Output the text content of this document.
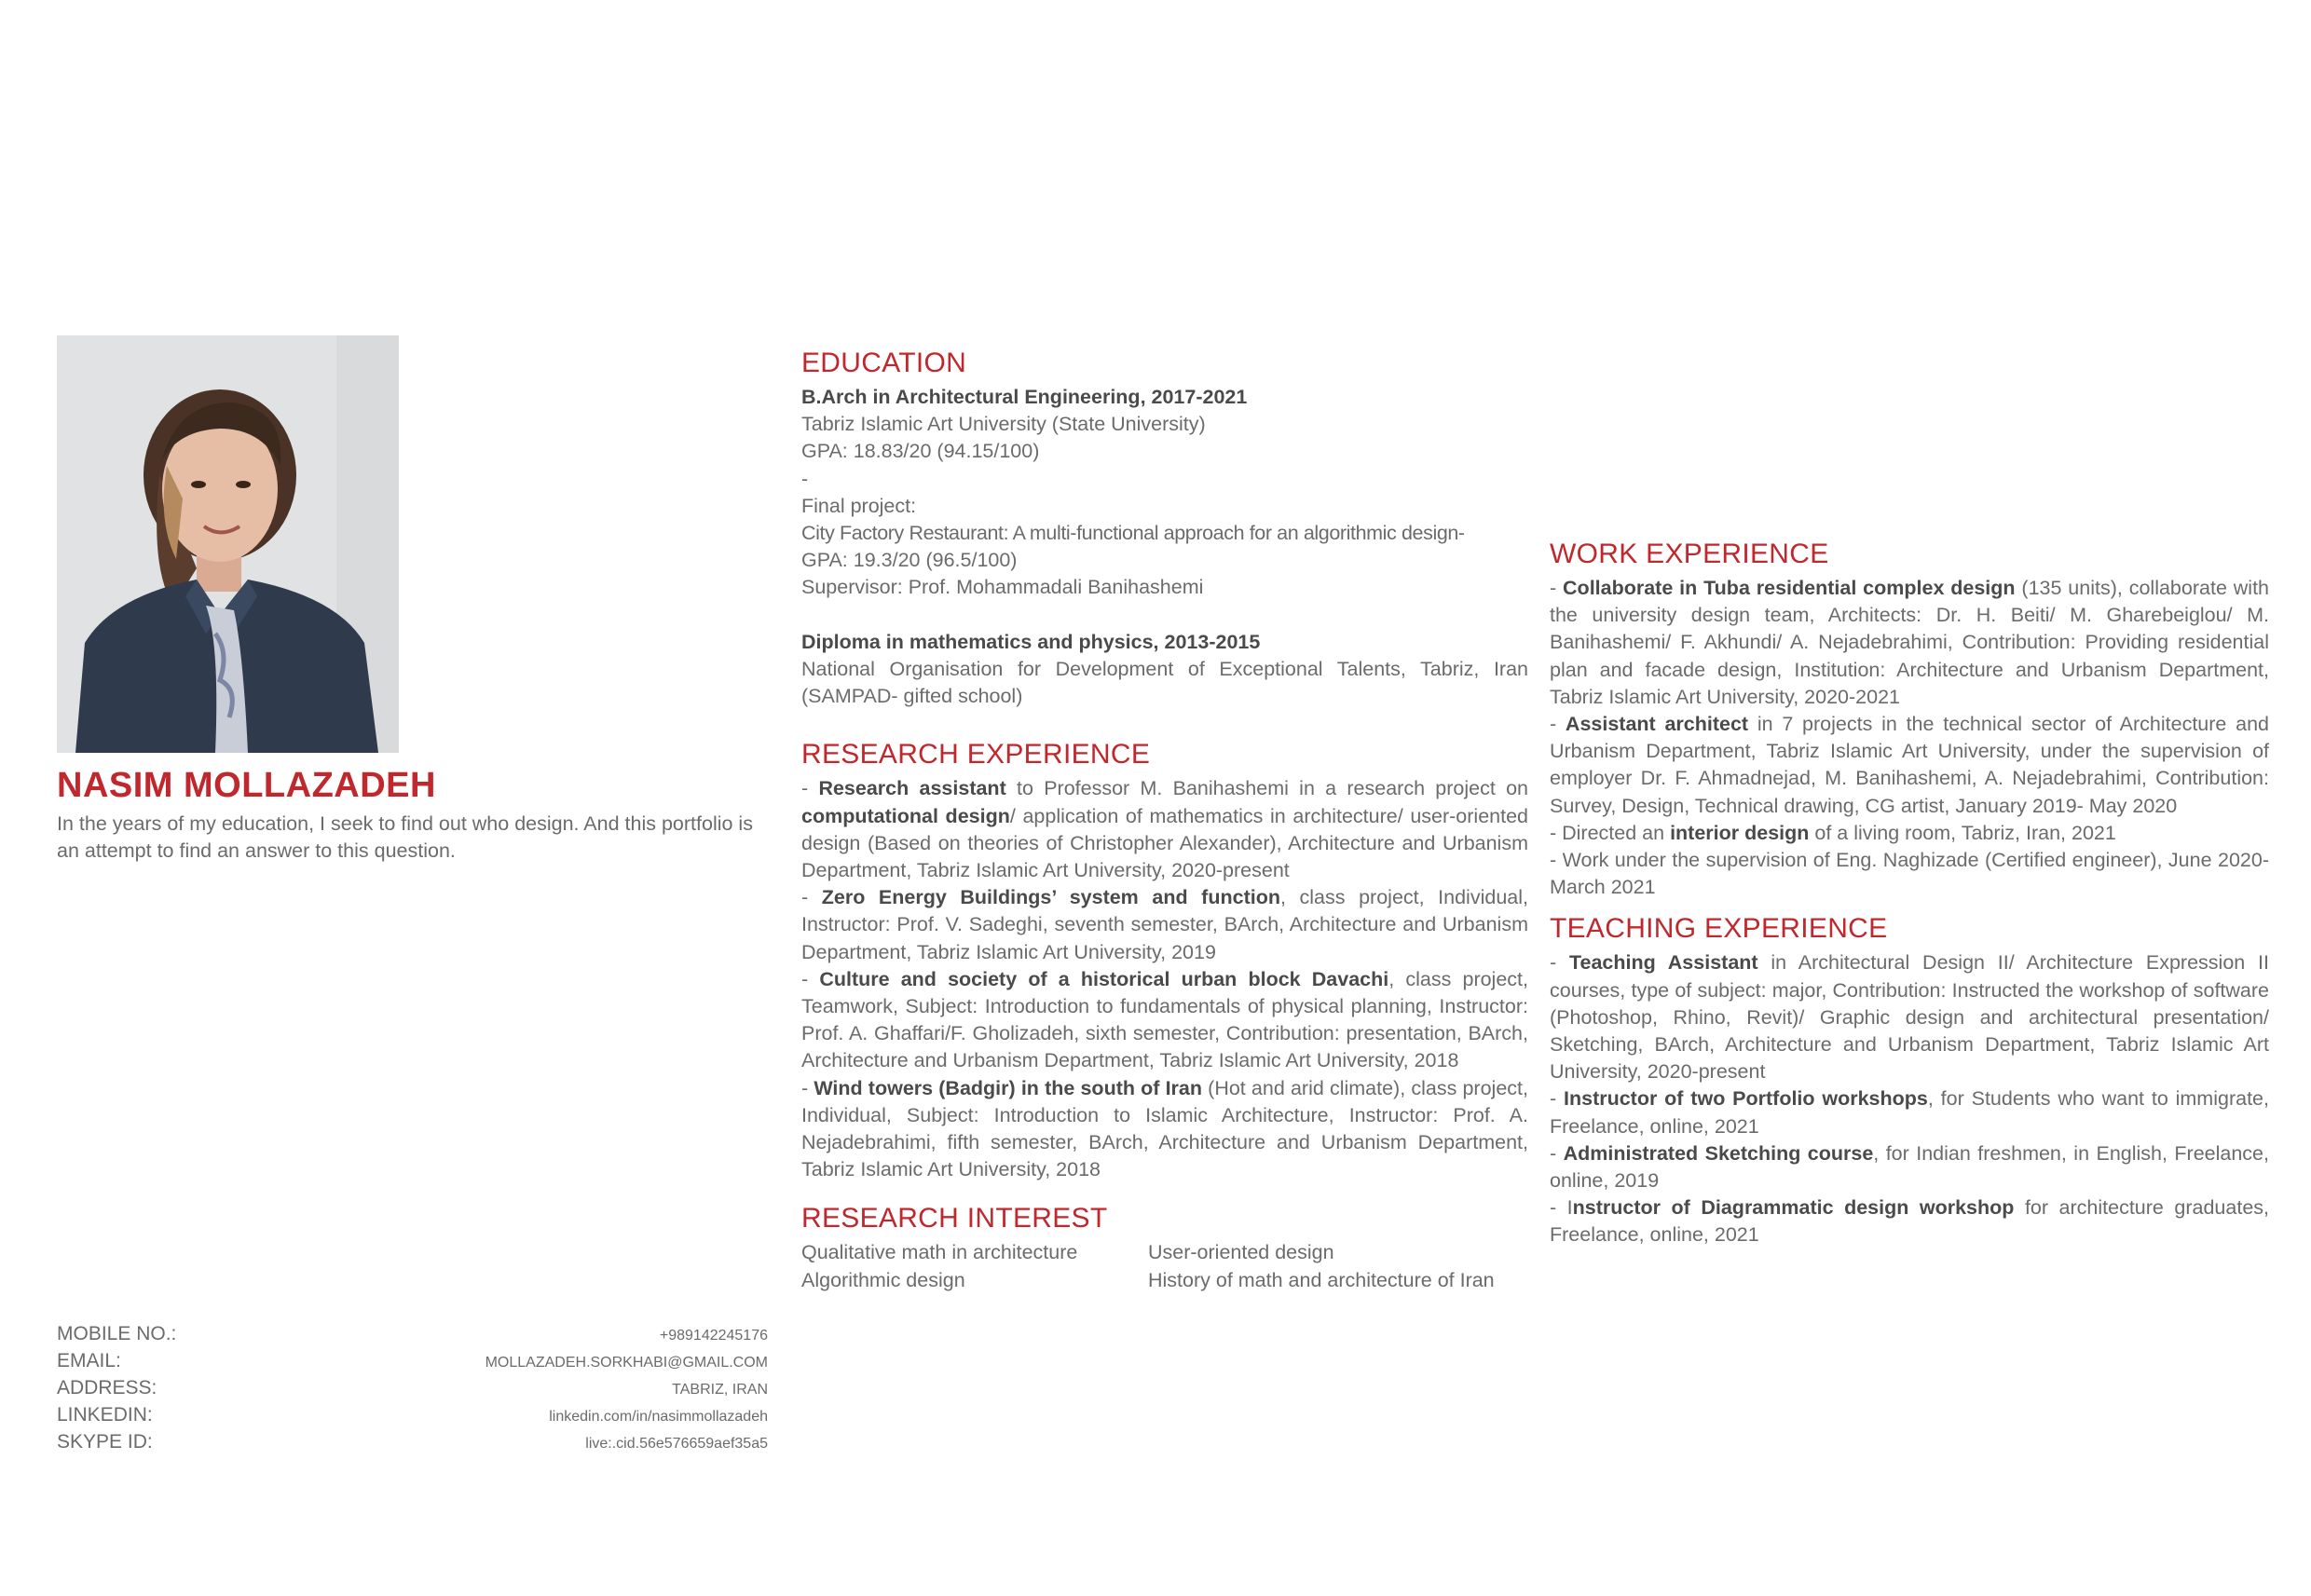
NASIM MOLLAZADEH
In the years of my education, I seek to find out who design. And this portfolio is an attempt to find an answer to this question.
MOBILE NO.:	+989142245176
EMAIL:	MOLLAZADEH.SORKHABI@GMAIL.COM
ADDRESS:	TABRIZ, IRAN
LINKEDIN:	linkedin.com/in/nasimmollazadeh
SKYPE ID:	live:.cid.56e576659aef35a5
EDUCATION

B.Arch in Architectural Engineering, 2017-2021

Tabriz Islamic Art University (State University)

GPA: 18.83/20 (94.15/100)

-

Final project:

City Factory Restaurant: A multi-functional approach for an algorithmic design-

GPA: 19.3/20 (96.5/100)

Supervisor: Prof. Mohammadali Banihashemi

Diploma in mathematics and physics, 2013-2015

National Organisation for Development of Exceptional Talents, Tabriz, Iran (SAMPAD- gifted school)

RESEARCH EXPERIENCE

- Research assistant to Professor M. Banihashemi in a research project on computational design/ application of mathematics in architecture/ user-oriented design (Based on theories of Christopher Alexander), Architecture and Urbanism Department, Tabriz Islamic Art University, 2020-present

- Zero Energy Buildings’ system and function, class project, Individual, Instructor: Prof. V. Sadeghi, seventh semester, BArch, Architecture and Urbanism Department, Tabriz Islamic Art University, 2019

- Culture and society of a historical urban block Davachi, class project, Teamwork, Subject: Introduction to fundamentals of physical planning, Instructor: Prof. A. Ghaffari/F. Gholizadeh, sixth semester, Contribution: presentation, BArch, Architecture and Urbanism Department, Tabriz Islamic Art University, 2018

- Wind towers (Badgir) in the south of Iran (Hot and arid climate), class project, Individual, Subject: Introduction to Islamic Architecture, Instructor: Prof. A. Nejadebrahimi, fifth semester, BArch, Architecture and Urbanism Department, Tabriz Islamic Art University, 2018

RESEARCH INTEREST
Qualitative math in architecture	User-oriented design
Algorithmic design	History of math and architecture of Iran
WORK EXPERIENCE

- Collaborate in Tuba residential complex design (135 units), collaborate with the university design team, Architects: Dr. H. Beiti/ M. Gharebeiglou/ M. Banihashemi/ F. Akhundi/ A. Nejadebrahimi, Contribution: Providing residential plan and facade design, Institution: Architecture and Urbanism Department, Tabriz Islamic Art University, 2020-2021

- Assistant architect in 7 projects in the technical sector of Architecture and Urbanism Department, Tabriz Islamic Art University, under the supervision of employer Dr. F. Ahmadnejad, M. Banihashemi, A. Nejadebrahimi, Contribution: Survey, Design, Technical drawing, CG artist, January 2019- May 2020

- Directed an interior design of a living room, Tabriz, Iran, 2021

- Work under the supervision of Eng. Naghizade (Certified engineer), June 2020- March 2021

TEACHING EXPERIENCE

- Teaching Assistant in Architectural Design II/ Architecture Expression II courses, type of subject: major, Contribution: Instructed the workshop of software (Photoshop, Rhino, Revit)/ Graphic design and architectural presentation/ Sketching, BArch, Architecture and Urbanism Department, Tabriz Islamic Art University, 2020-present

- Instructor of two Portfolio workshops, for Students who want to immigrate, Freelance, online, 2021

- Administrated Sketching course, for Indian freshmen, in English, Freelance, online, 2019

- Instructor of Diagrammatic design workshop for architecture graduates, Freelance, online, 2021
